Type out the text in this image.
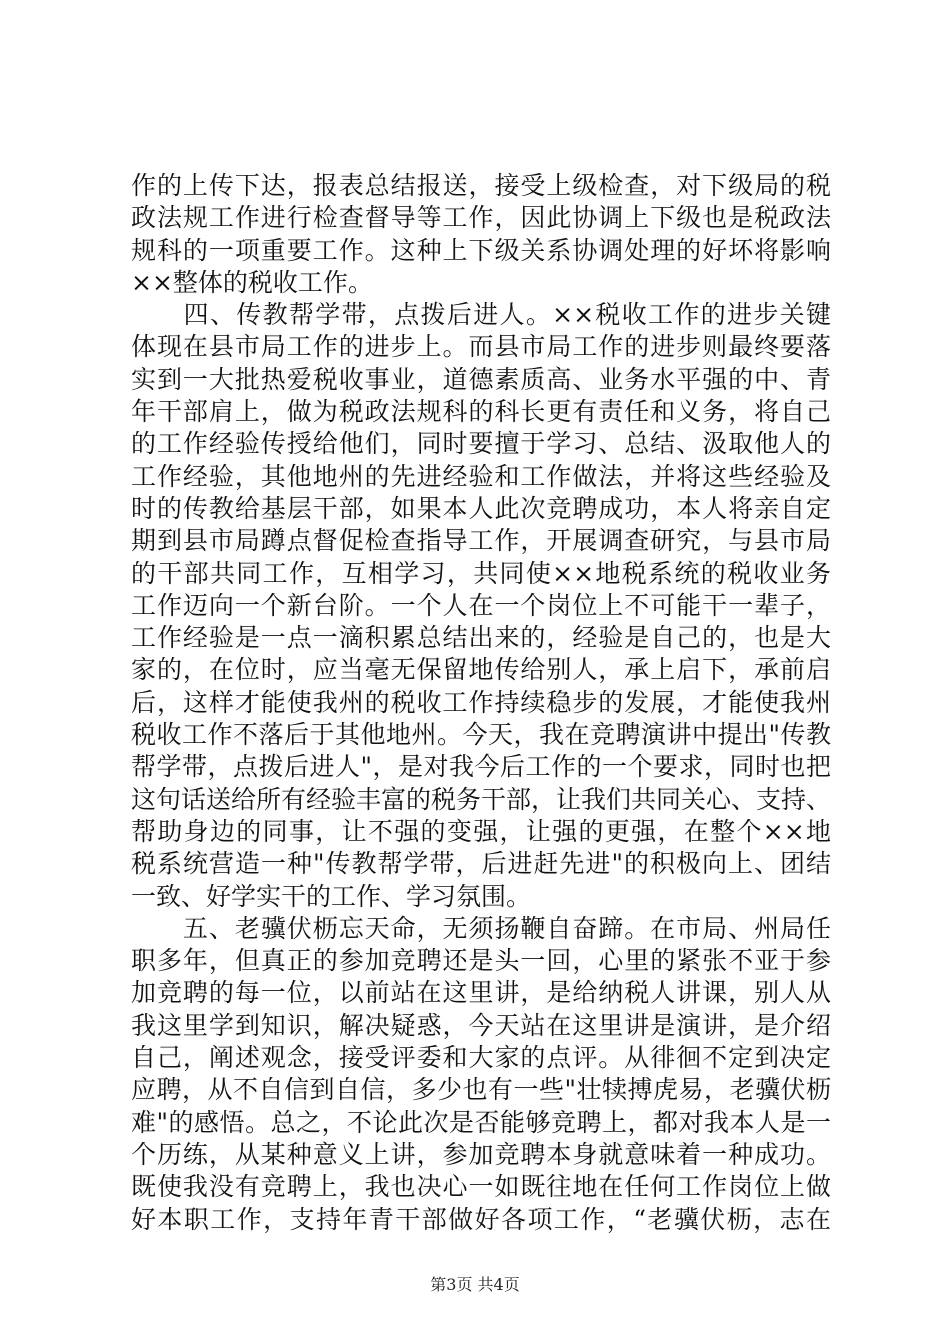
作的上传下达，报表总结报送，接受上级检查，对下级局的税
政法规工作进行检查督导等工作，因此协调上下级也是税政法
规科的一项重要工作。这种上下级关系协调处理的好坏将影响
××整体的税收工作。
　　四、传教帮学带，点拨后进人。××税收工作的进步关键
体现在县市局工作的进步上。而县市局工作的进步则最终要落
实到一大批热爱税收事业，道德素质高、业务水平强的中、青
年干部肩上，做为税政法规科的科长更有责任和义务，将自己
的工作经验传授给他们，同时要擅于学习、总结、汲取他人的
工作经验，其他地州的先进经验和工作做法，并将这些经验及
时的传教给基层干部，如果本人此次竞聘成功，本人将亲自定
期到县市局蹲点督促检查指导工作，开展调查研究，与县市局
的干部共同工作，互相学习，共同使××地税系统的税收业务
工作迈向一个新台阶。一个人在一个岗位上不可能干一辈子，
工作经验是一点一滴积累总结出来的，经验是自己的，也是大
家的，在位时，应当毫无保留地传给别人，承上启下，承前启
后，这样才能使我州的税收工作持续稳步的发展，才能使我州
税收工作不落后于其他地州。今天，我在竞聘演讲中提出"传教
帮学带，点拨后进人"，是对我今后工作的一个要求，同时也把
这句话送给所有经验丰富的税务干部，让我们共同关心、支持、
帮助身边的同事，让不强的变强，让强的更强，在整个××地
税系统营造一种"传教帮学带，后进赶先进"的积极向上、团结
一致、好学实干的工作、学习氛围。
　　五、老骥伏枥忘天命，无须扬鞭自奋蹄。在市局、州局任
职多年，但真正的参加竞聘还是头一回，心里的紧张不亚于参
加竞聘的每一位，以前站在这里讲，是给纳税人讲课，别人从
我这里学到知识，解决疑惑，今天站在这里讲是演讲，是介绍
自己，阐述观念，接受评委和大家的点评。从徘徊不定到决定
应聘，从不自信到自信，多少也有一些"壮犊搏虎易，老骥伏枥
难"的感悟。总之，不论此次是否能够竞聘上，都对我本人是一
个历练，从某种意义上讲，参加竞聘本身就意味着一种成功。
既使我没有竞聘上，我也决心一如既往地在任何工作岗位上做
好本职工作，支持年青干部做好各项工作，“老骥伏枥，志在
第3页 共4页
